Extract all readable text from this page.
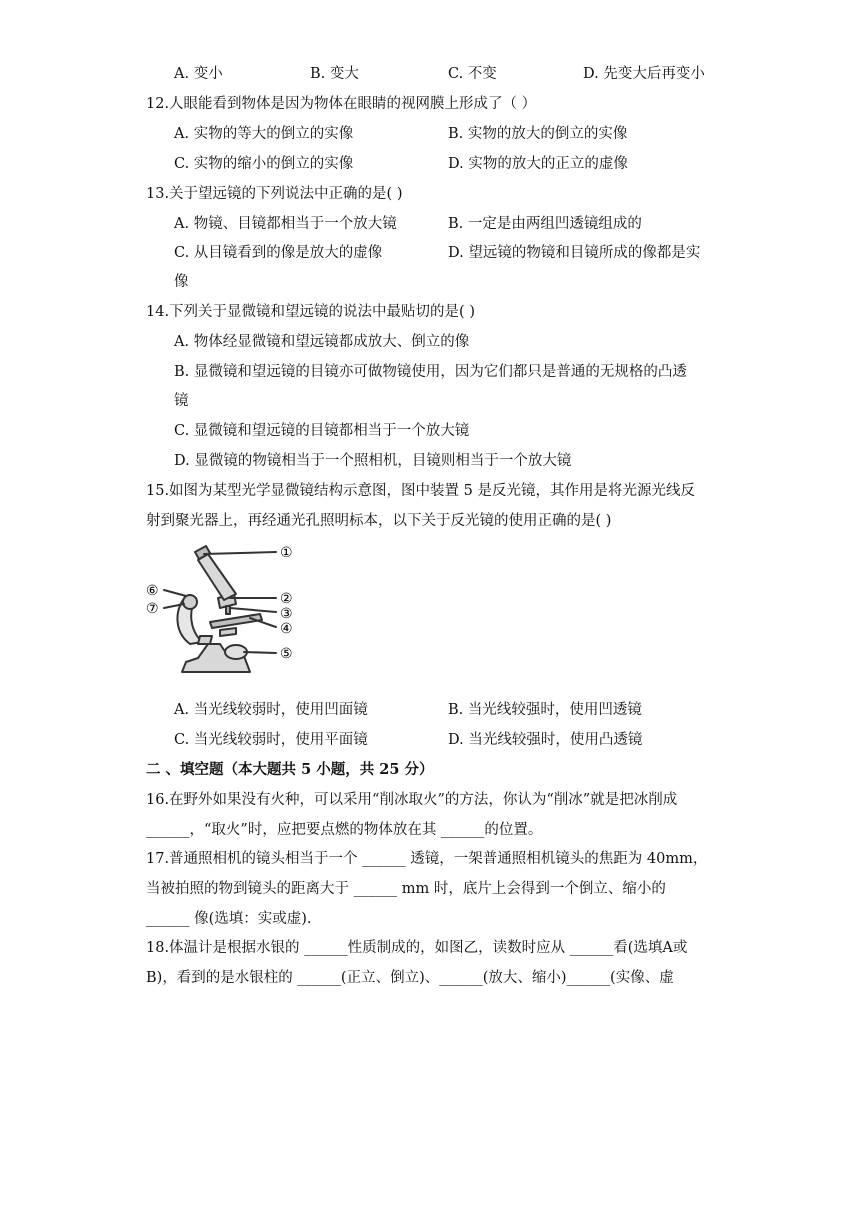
A. 变小	B. 变大	C. 不变	D. 先变大后再变小
12.人眼能看到物体是因为物体在眼睛的视网膜上形成了（ ）
A. 实物的等大的倒立的实像	B. 实物的放大的倒立的实像
C. 实物的缩小的倒立的实像	D. 实物的放大的正立的虚像
13.关于望远镜的下列说法中正确的是( )
A. 物镜、目镜都相当于一个放大镜	B. 一定是由两组凹透镜组成的
C. 从目镜看到的像是放大的虚像	D. 望远镜的物镜和目镜所成的像都是实
像
14.下列关于显微镜和望远镜的说法中最贴切的是( )
A. 物体经显微镜和望远镜都成放大、倒立的像
B. 显微镜和望远镜的目镜亦可做物镜使用，因为它们都只是普通的无规格的凸透
镜
C. 显微镜和望远镜的目镜都相当于一个放大镜
D. 显微镜的物镜相当于一个照相机，目镜则相当于一个放大镜
15.如图为某型光学显微镜结构示意图，图中装置 5 是反光镜，其作用是将光源光线反
射到聚光器上，再经通光孔照明标本，以下关于反光镜的使用正确的是( )
①
②
③
④
⑤
⑥
⑦
A. 当光线较弱时，使用凹面镜	B. 当光线较强时，使用凹透镜
C. 当光线较弱时，使用平面镜	D. 当光线较强时，使用凸透镜
二 、填空题（本大题共 5 小题，共 25 分）
16.在野外如果没有火种，可以采用“削冰取火”的方法，你认为“削冰”就是把冰削成
______，“取火”时，应把要点燃的物体放在其 ______的位置。
17.普通照相机的镜头相当于一个 ______ 透镜，一架普通照相机镜头的焦距为 40mm，
当被拍照的物到镜头的距离大于 ______ mm 时，底片上会得到一个倒立、缩小的
______ 像(选填：实或虚).
18.体温计是根据水银的 ______性质制成的，如图乙，读数时应从 ______看(选填A或
B)，看到的是水银柱的 ______(正立、倒立)、______(放大、缩小)______(实像、虚
